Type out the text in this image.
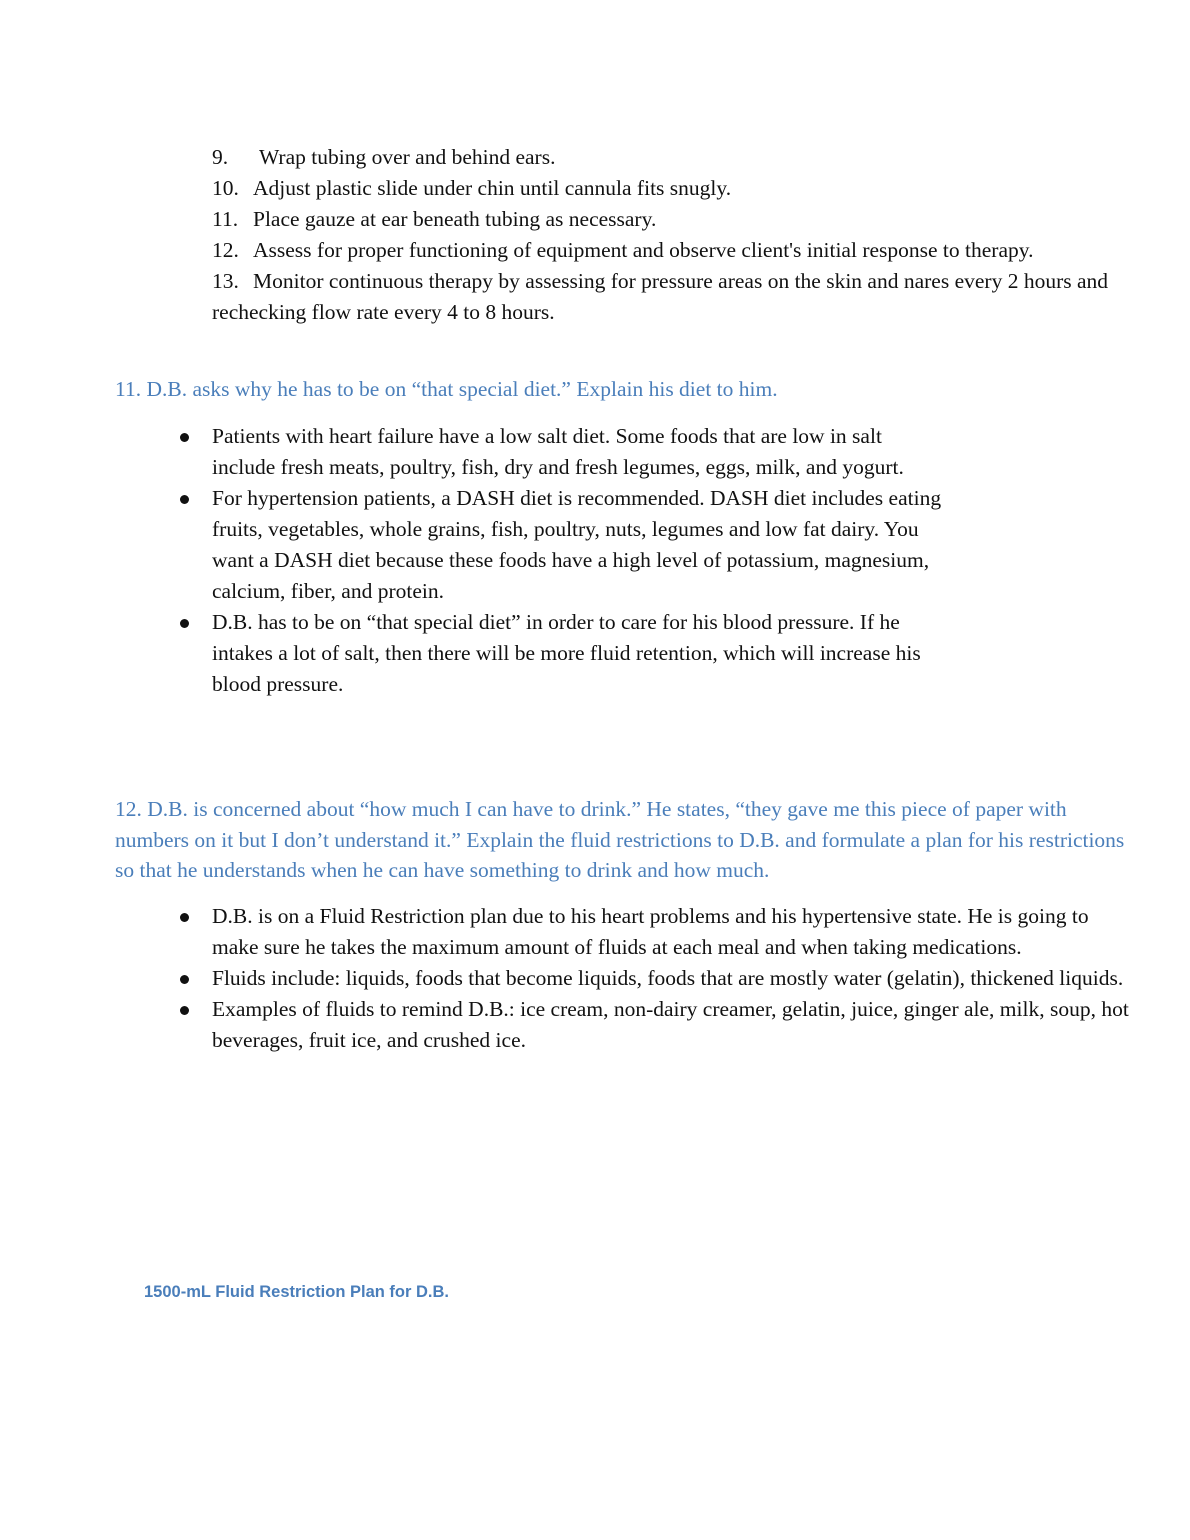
9. Wrap tubing over and behind ears.
10. Adjust plastic slide under chin until cannula fits snugly.
11. Place gauze at ear beneath tubing as necessary.
12. Assess for proper functioning of equipment and observe client's initial response to therapy.
13. Monitor continuous therapy by assessing for pressure areas on the skin and nares every 2 hours and rechecking flow rate every 4 to 8 hours.
11. D.B. asks why he has to be on “that special diet.” Explain his diet to him.
Patients with heart failure have a low salt diet. Some foods that are low in salt include fresh meats, poultry, fish, dry and fresh legumes, eggs, milk, and yogurt.
For hypertension patients, a DASH diet is recommended. DASH diet includes eating fruits, vegetables, whole grains, fish, poultry, nuts, legumes and low fat dairy. You want a DASH diet because these foods have a high level of potassium, magnesium, calcium, fiber, and protein.
D.B. has to be on “that special diet” in order to care for his blood pressure. If he intakes a lot of salt, then there will be more fluid retention, which will increase his blood pressure.
12. D.B. is concerned about “how much I can have to drink.” He states, “they gave me this piece of paper with numbers on it but I don’t understand it.” Explain the fluid restrictions to D.B. and formulate a plan for his restrictions so that he understands when he can have something to drink and how much.
D.B. is on a Fluid Restriction plan due to his heart problems and his hypertensive state. He is going to make sure he takes the maximum amount of fluids at each meal and when taking medications.
Fluids include: liquids, foods that become liquids, foods that are mostly water (gelatin), thickened liquids.
Examples of fluids to remind D.B.: ice cream, non-dairy creamer, gelatin, juice, ginger ale, milk, soup, hot beverages, fruit ice, and crushed ice.
1500-mL Fluid Restriction Plan for D.B.
